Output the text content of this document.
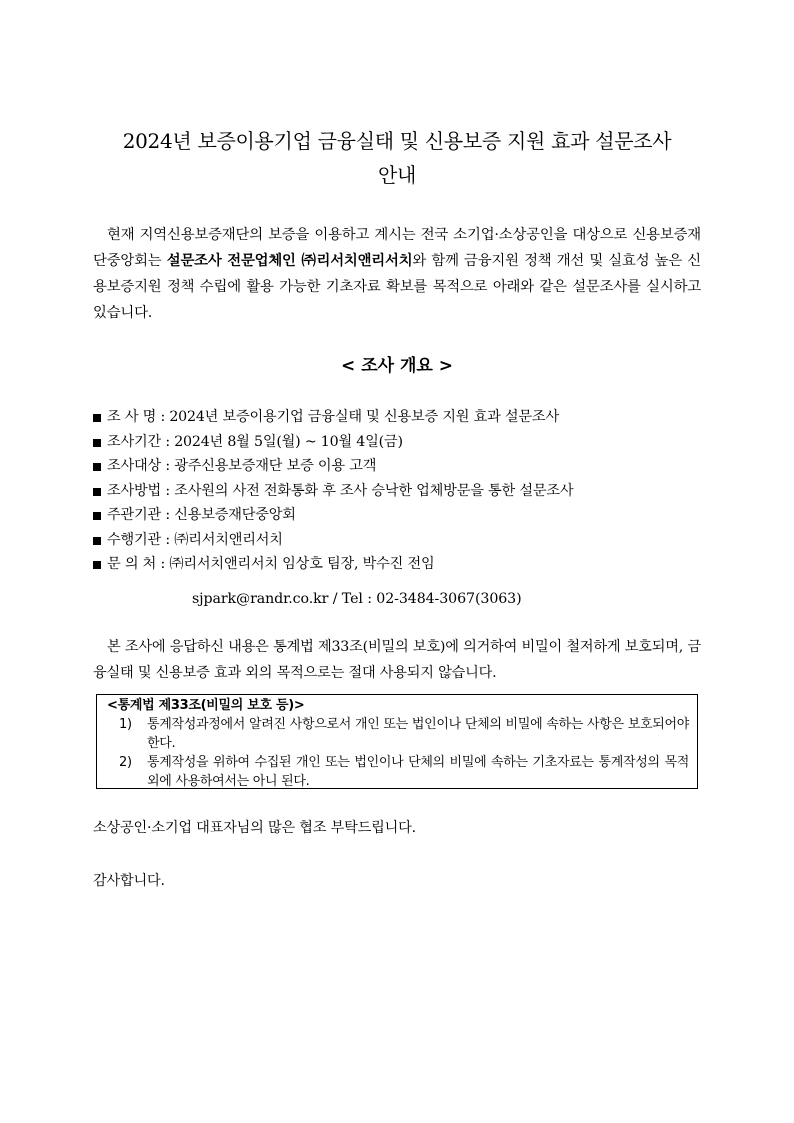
2024년 보증이용기업 금융실태 및 신용보증 지원 효과 설문조사
안내

현재 지역신용보증재단의 보증을 이용하고 계시는 전국 소기업·소상공인을 대상으로 신용보증재단중앙회는 설문조사 전문업체인 ㈜리서치앤리서치와 함께 금융지원 정책 개선 및 실효성 높은 신용보증지원 정책 수립에 활용 가능한 기초자료 확보를 목적으로 아래와 같은 설문조사를 실시하고 있습니다.

< 조사 개요 >
조 사 명 : 2024년 보증이용기업 금융실태 및 신용보증 지원 효과 설문조사
조사기간 : 2024년 8월 5일(월) ~ 10월 4일(금)
조사대상 : 광주신용보증재단 보증 이용 고객
조사방법 : 조사원의 사전 전화통화 후 조사 승낙한 업체방문을 통한 설문조사
주관기관 : 신용보증재단중앙회
수행기관 : ㈜리서치앤리서치
문 의 처 : ㈜리서치앤리서치 임상호 팀장, 박수진 전임
sjpark@randr.co.kr / Tel : 02-3484-3067(3063)

본 조사에 응답하신 내용은 통계법 제33조(비밀의 보호)에 의거하여 비밀이 철저하게 보호되며, 금융실태 및 신용보증 효과 외의 목적으로는 절대 사용되지 않습니다.

<통계법 제33조(비밀의 보호 등)>
1)	통계작성과정에서 알려진 사항으로서 개인 또는 법인이나 단체의 비밀에 속하는 사항은 보호되어야 한다.
2)	통계작성을 위하여 수집된 개인 또는 법인이나 단체의 비밀에 속하는 기초자료는 통계작성의 목적 외에 사용하여서는 아니 된다.
소상공인·소기업 대표자님의 많은 협조 부탁드립니다.
감사합니다.
